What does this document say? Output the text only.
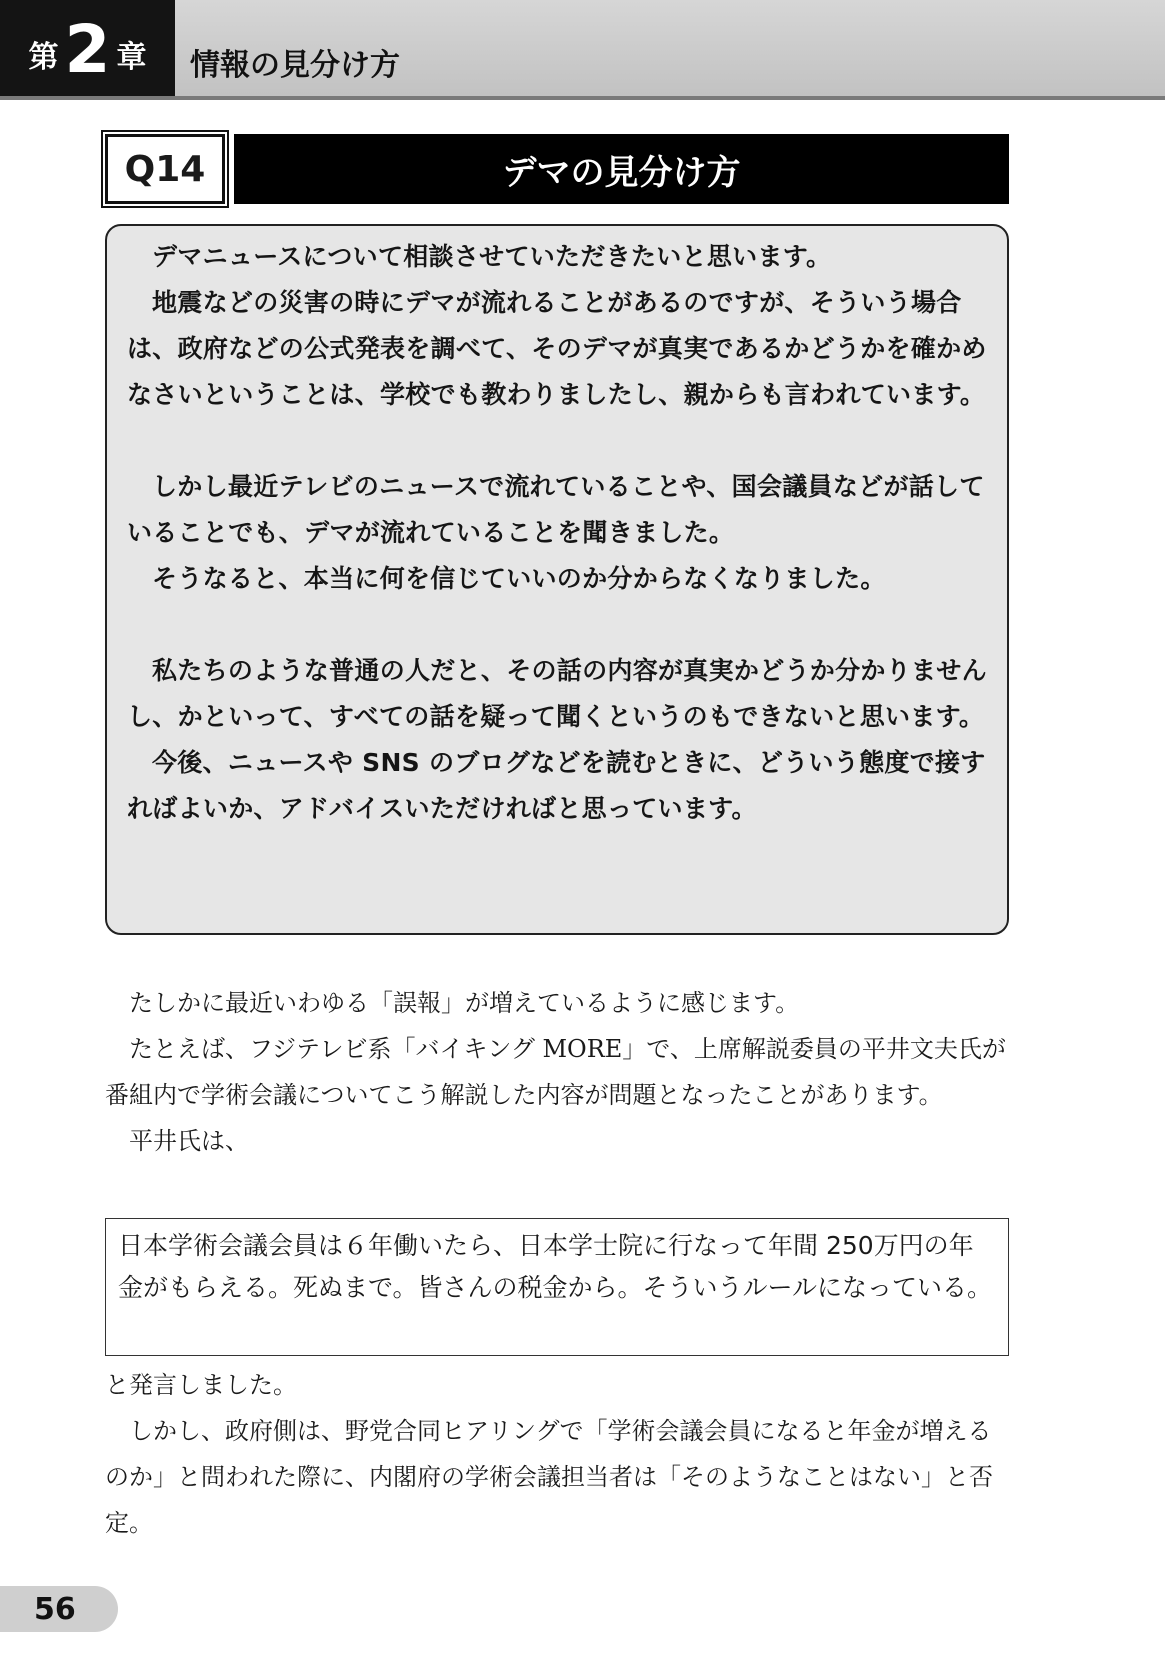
第 2 章 情報の見分け方
Q14	デマの見分け方

デマニュースについて相談させていただきたいと思います。

地震などの災害の時にデマが流れることがあるのですが、そういう場合は、政府などの公式発表を調べて、そのデマが真実であるかどうかを確かめなさいということは、学校でも教わりましたし、親からも言われています。

しかし最近テレビのニュースで流れていることや、国会議員などが話していることでも、デマが流れていることを聞きました。

そうなると、本当に何を信じていいのか分からなくなりました。

私たちのような普通の人だと、その話の内容が真実かどうか分かりませんし、かといって、すべての話を疑って聞くというのもできないと思います。

今後、ニュースや SNS のブログなどを読むときに、どういう態度で接すればよいか、アドバイスいただければと思っています。

たしかに最近いわゆる「誤報」が増えているように感じます。

たとえば、フジテレビ系「バイキング MORE」で、上席解説委員の平井文夫氏が番組内で学術会議についてこう解説した内容が問題となったことがあります。

平井氏は、

日本学術会議会員は６年働いたら、日本学士院に行なって年間 250万円の年金がもらえる。死ぬまで。皆さんの税金から。そういうルールになっている。

と発言しました。

しかし、政府側は、野党合同ヒアリングで「学術会議会員になると年金が増えるのか」と問われた際に、内閣府の学術会議担当者は「そのようなことはない」と否定。

56
